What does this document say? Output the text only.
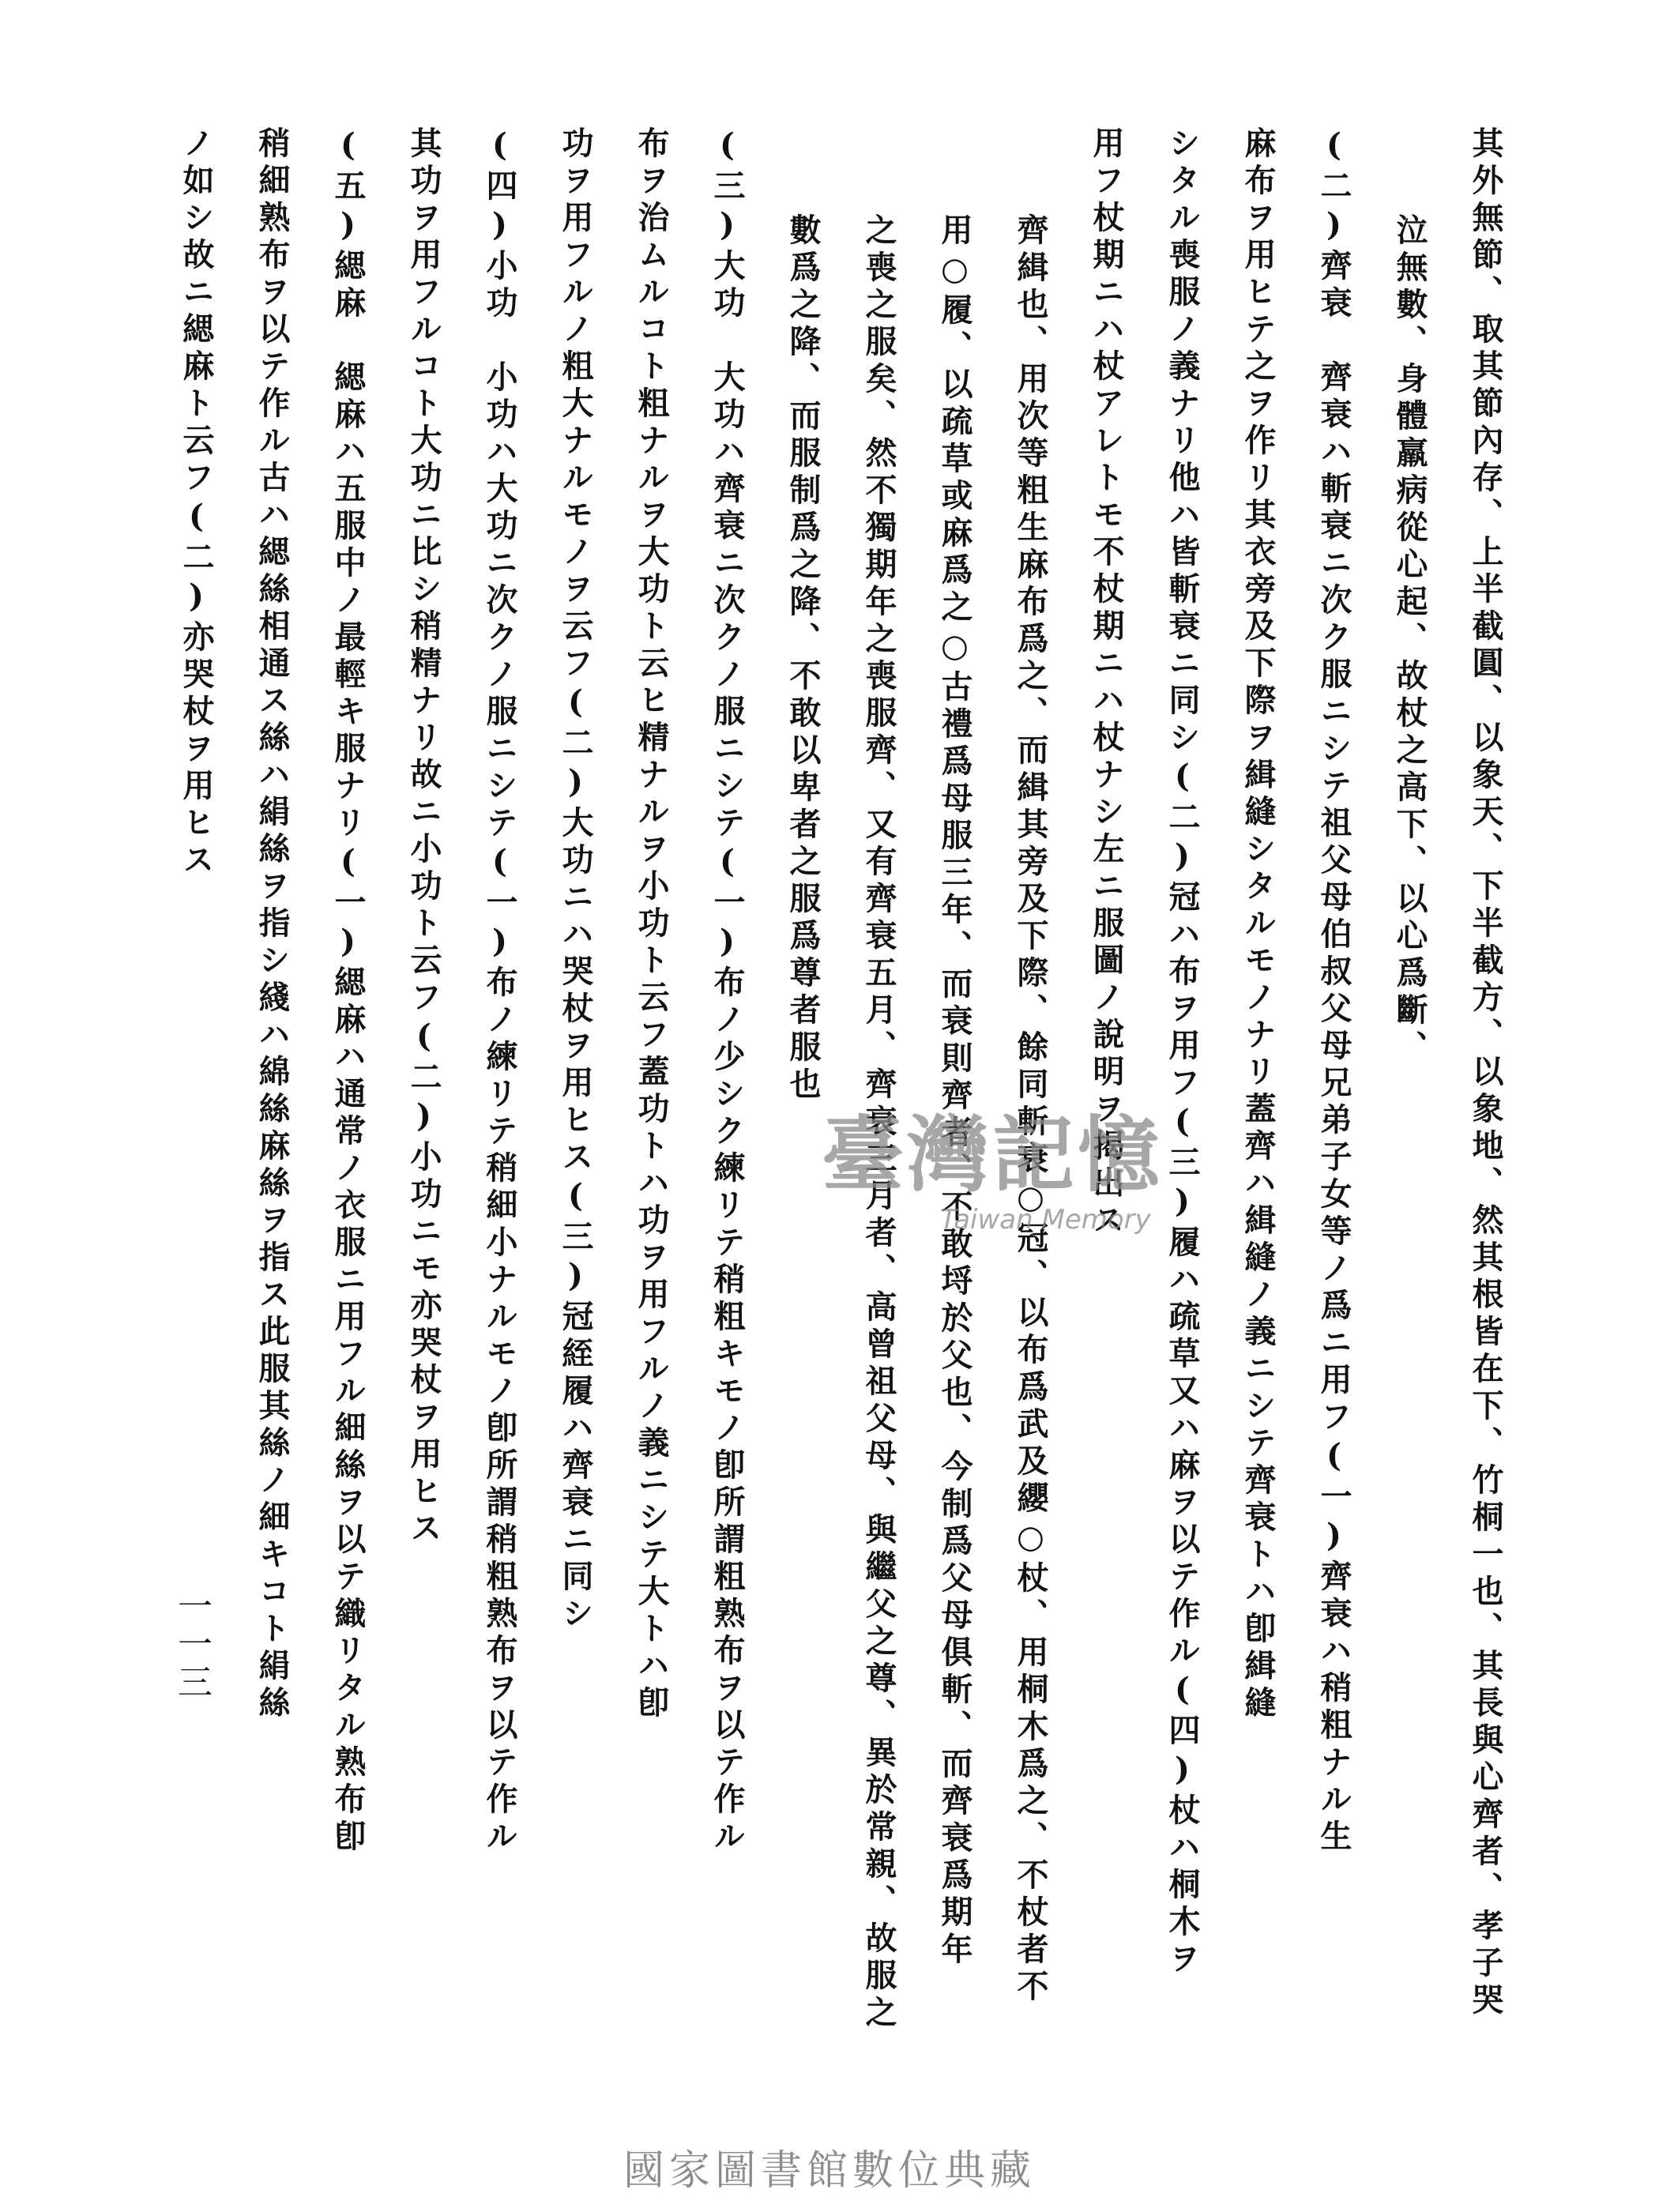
其外無節、取其節內存、上半截圓、以象天、下半截方、以象地、然其根皆在下、竹桐一也、其長與心齊者、孝子哭
泣無數、身體羸病從心起、故杖之高下、以心爲斷、
(二)齊衰　齊衰ハ斬衰ニ次ク服ニシテ祖父母伯叔父母兄弟子女等ノ爲ニ用フ(一)齊衰ハ稍粗ナル生
麻布ヲ用ヒテ之ヲ作リ其衣旁及下際ヲ緝縫シタルモノナリ蓋齊ハ緝縫ノ義ニシテ齊衰トハ卽緝縫
シタル喪服ノ義ナリ他ハ皆斬衰ニ同シ(二)冠ハ布ヲ用フ(三)履ハ疏草又ハ麻ヲ以テ作ル(四)杖ハ桐木ヲ
用フ杖期ニハ杖アレトモ不杖期ニハ杖ナシ左ニ服圖ノ說明ヲ揭出ス
齊緝也、用次等粗生麻布爲之、而緝其旁及下際、餘同斬衰○冠、以布爲武及纓○杖、用桐木爲之、不杖者不
用○履、以疏草或麻爲之○古禮爲母服三年、而衰則齊者、不敢埒於父也、今制爲父母俱斬、而齊衰爲期年
之喪之服矣、然不獨期年之喪服齊、又有齊衰五月、齊衰三月者、高曾祖父母、與繼父之尊、異於常親、故服之
數爲之降、而服制爲之降、不敢以卑者之服爲尊者服也
(三)大功　大功ハ齊衰ニ次クノ服ニシテ(一)布ノ少シク練リテ稍粗キモノ卽所謂粗熟布ヲ以テ作ル
布ヲ治ムルコト粗ナルヲ大功ト云ヒ精ナルヲ小功ト云フ蓋功トハ功ヲ用フルノ義ニシテ大トハ卽
功ヲ用フルノ粗大ナルモノヲ云フ(二)大功ニハ哭杖ヲ用ヒス(三)冠絰履ハ齊衰ニ同シ
(四)小功　小功ハ大功ニ次クノ服ニシテ(一)布ノ練リテ稍細小ナルモノ卽所謂稍粗熟布ヲ以テ作ル
其功ヲ用フルコト大功ニ比シ稍精ナリ故ニ小功ト云フ(二)小功ニモ亦哭杖ヲ用ヒス
(五)緦麻　緦麻ハ五服中ノ最輕キ服ナリ(一)緦麻ハ通常ノ衣服ニ用フル細絲ヲ以テ織リタル熟布卽
稍細熟布ヲ以テ作ル古ハ緦絲相通ス絲ハ絹絲ヲ指シ綫ハ綿絲麻絲ヲ指ス此服其絲ノ細キコト絹絲
ノ如シ故ニ緦麻ト云フ(二)亦哭杖ヲ用ヒス
一一三
臺灣記憶
Taiwan Memory
國家圖書館數位典藏
